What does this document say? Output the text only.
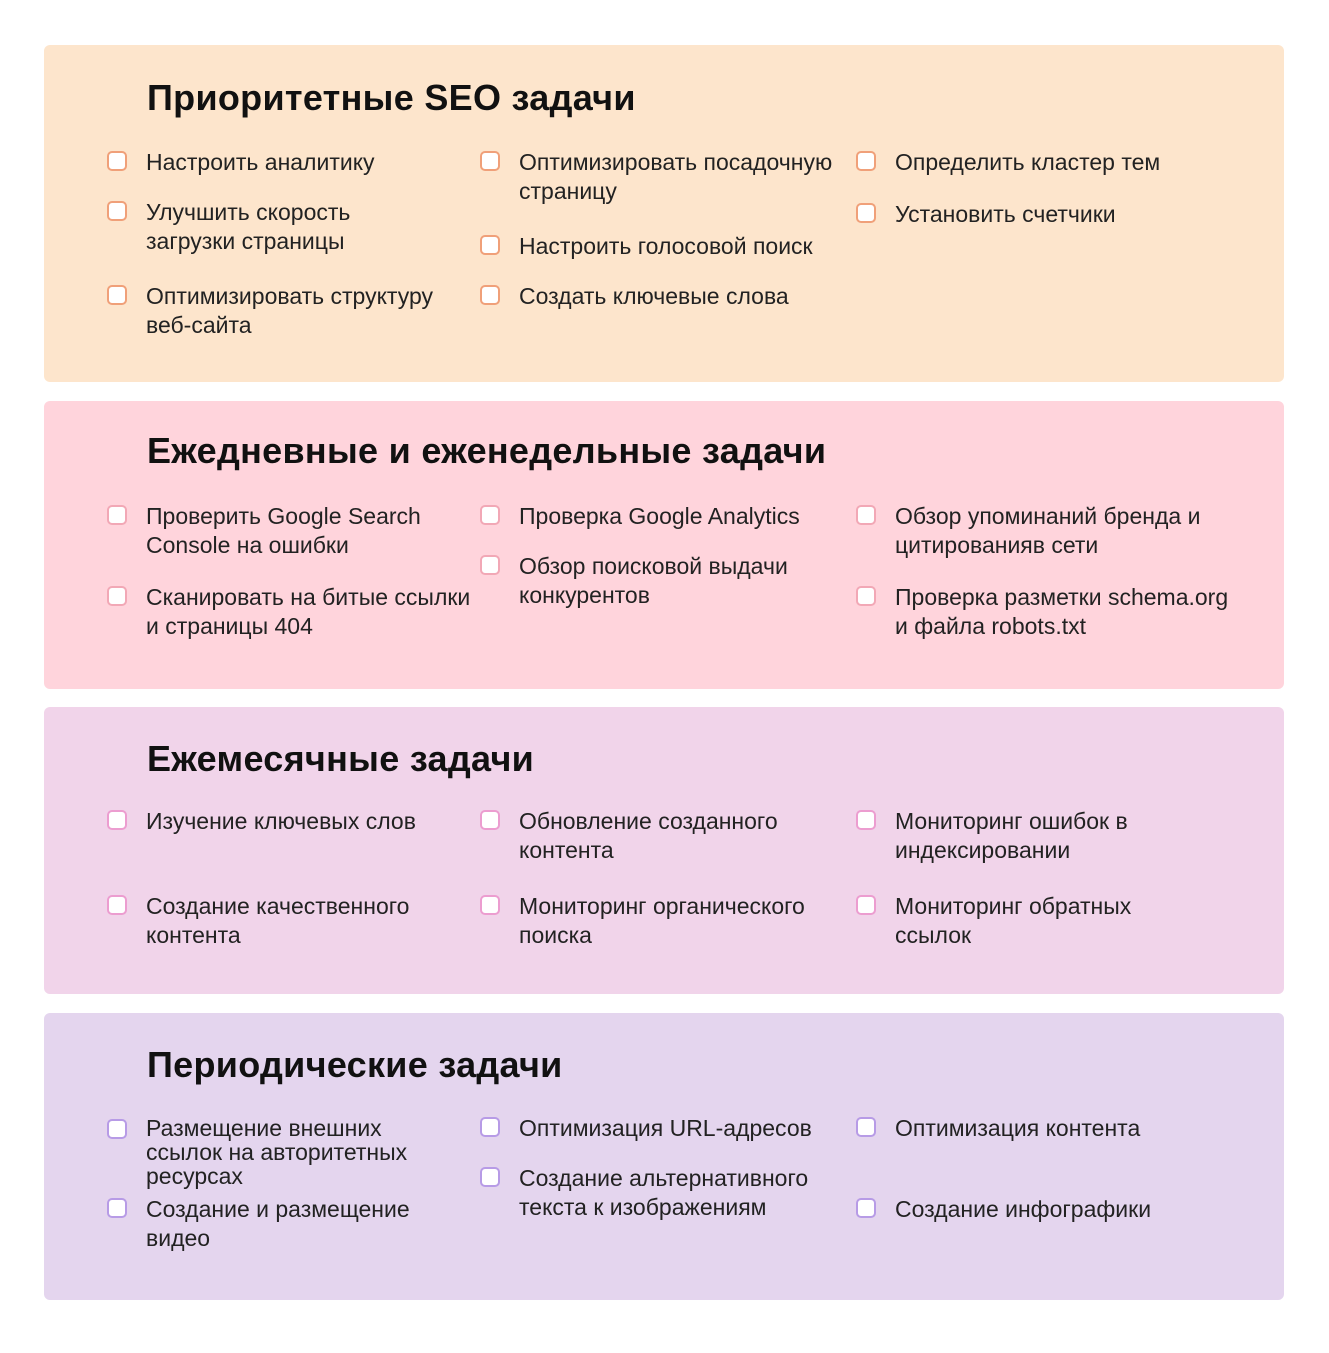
Приоритетные SEO задачи
Настроить аналитику
Улучшить скорость
загрузки страницы
Оптимизировать структуру
веб-сайта
Оптимизировать посадочную
страницу
Настроить голосовой поиск
Создать ключевые слова
Определить кластер тем
Установить счетчики
Ежедневные и еженедельные задачи
Проверить Google Search
Console на ошибки
Сканировать на битые ссылки
и страницы 404
Проверка Google Analytics
Обзор поисковой выдачи
конкурентов
Обзор упоминаний бренда и
цитированияв сети
Проверка разметки schema.org
и файла robots.txt
Ежемесячные задачи
Изучение ключевых слов
Создание качественного
контента
Обновление созданного
контента
Мониторинг органического
поиска
Мониторинг ошибок в
индексировании
Мониторинг обратных
ссылок
Периодические задачи
Размещение внешних
ссылок на авторитетных
ресурсах
Создание и размещение
видео
Оптимизация URL-адресов
Создание альтернативного
текста к изображениям
Оптимизация контента
Создание инфографики
